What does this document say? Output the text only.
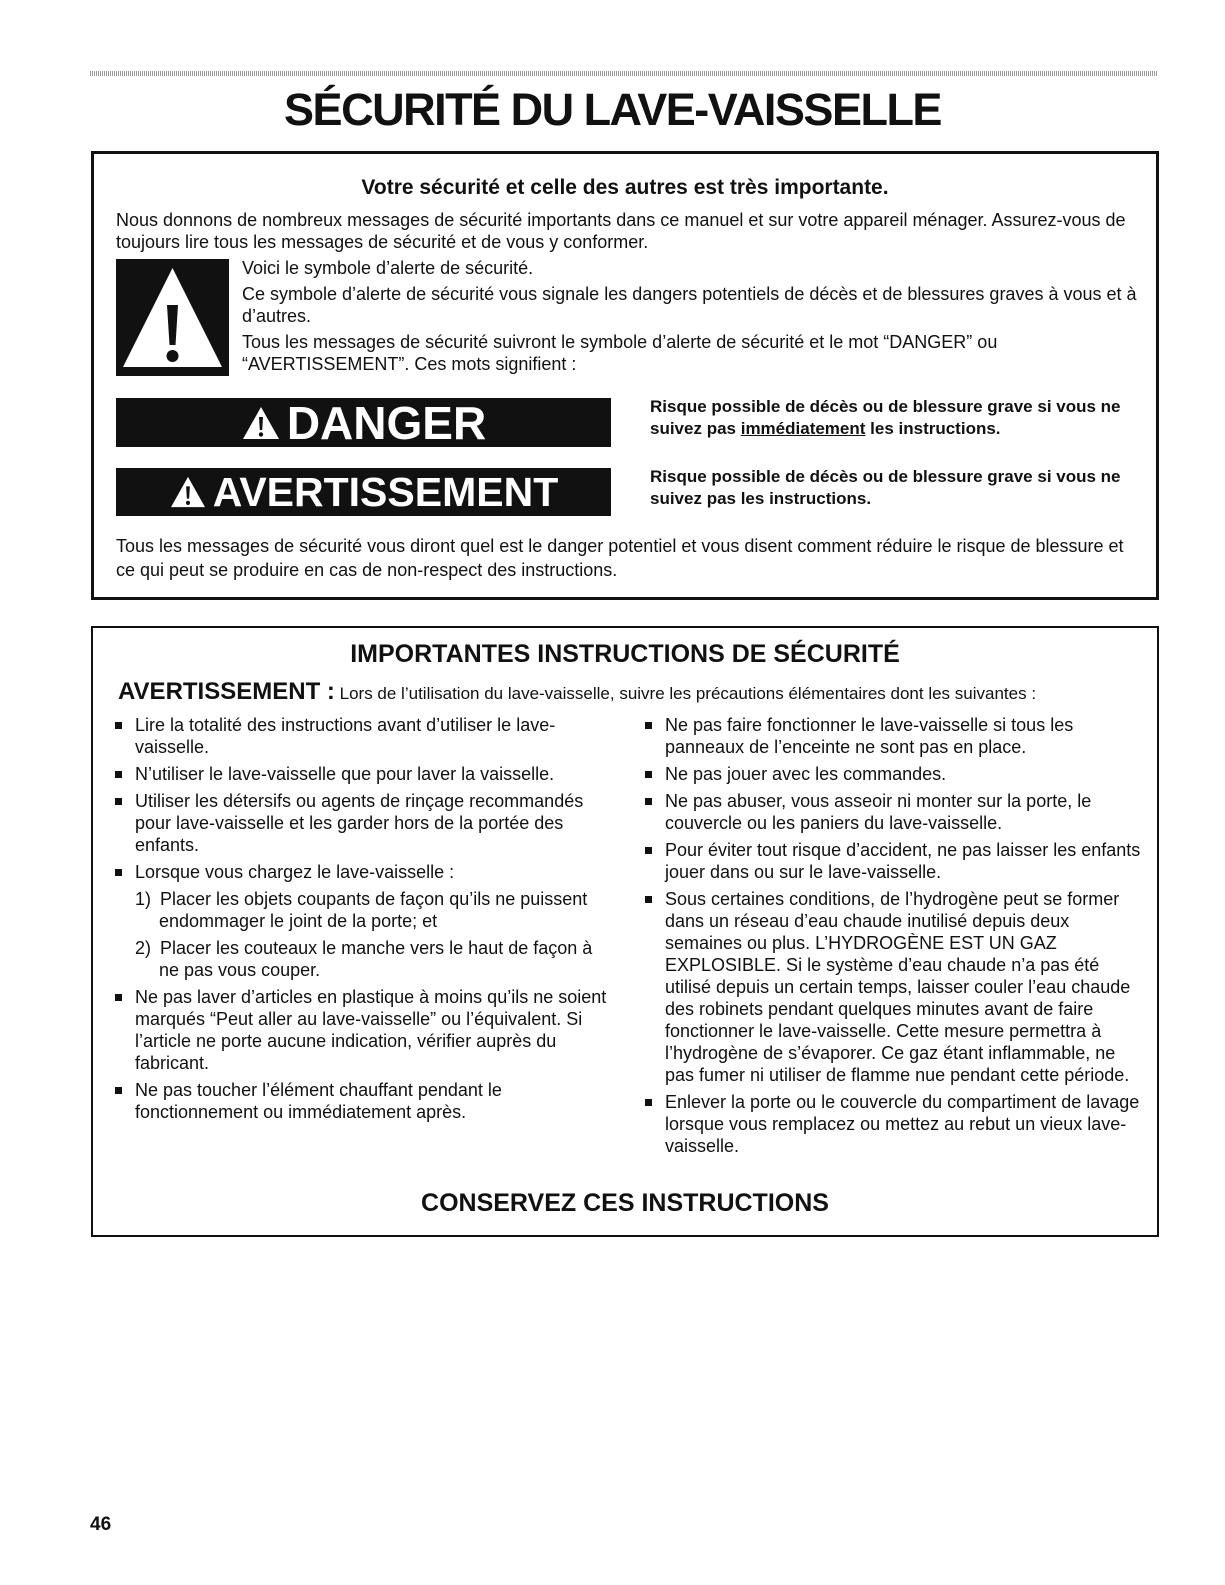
SÉCURITÉ DU LAVE-VAISSELLE
Votre sécurité et celle des autres est très importante.
Nous donnons de nombreux messages de sécurité importants dans ce manuel et sur votre appareil ménager. Assurez-vous de toujours lire tous les messages de sécurité et de vous y conformer.

Voici le symbole d’alerte de sécurité.

Ce symbole d’alerte de sécurité vous signale les dangers potentiels de décès et de blessures graves à vous et à d’autres.

Tous les messages de sécurité suivront le symbole d’alerte de sécurité et le mot “DANGER” ou “AVERTISSEMENT”. Ces mots signifient :

DANGER	Risque possible de décès ou de blessure grave si vous ne suivez pas immédiatement les instructions.
AVERTISSEMENT	Risque possible de décès ou de blessure grave si vous ne suivez pas les instructions.
Tous les messages de sécurité vous diront quel est le danger potentiel et vous disent comment réduire le risque de blessure et ce qui peut se produire en cas de non-respect des instructions.
IMPORTANTES INSTRUCTIONS DE SÉCURITÉ
AVERTISSEMENT : Lors de l’utilisation du lave-vaisselle, suivre les précautions élémentaires dont les suivantes :
Lire la totalité des instructions avant d’utiliser le lave-vaisselle.
N’utiliser le lave-vaisselle que pour laver la vaisselle.
Utiliser les détersifs ou agents de rinçage recommandés pour lave-vaisselle et les garder hors de la portée des enfants.
Lorsque vous chargez le lave-vaisselle :
1) Placer les objets coupants de façon qu’ils ne puissent endommager le joint de la porte; et
2) Placer les couteaux le manche vers le haut de façon à ne pas vous couper.
Ne pas laver d’articles en plastique à moins qu’ils ne soient marqués “Peut aller au lave-vaisselle” ou l’équivalent. Si l’article ne porte aucune indication, vérifier auprès du fabricant.
Ne pas toucher l’élément chauffant pendant le fonctionnement ou immédiatement après.
Ne pas faire fonctionner le lave-vaisselle si tous les panneaux de l’enceinte ne sont pas en place.
Ne pas jouer avec les commandes.
Ne pas abuser, vous asseoir ni monter sur la porte, le couvercle ou les paniers du lave-vaisselle.
Pour éviter tout risque d’accident, ne pas laisser les enfants jouer dans ou sur le lave-vaisselle.
Sous certaines conditions, de l’hydrogène peut se former dans un réseau d’eau chaude inutilisé depuis deux semaines ou plus. L’HYDROGÈNE EST UN GAZ EXPLOSIBLE. Si le système d’eau chaude n’a pas été utilisé depuis un certain temps, laisser couler l’eau chaude des robinets pendant quelques minutes avant de faire fonctionner le lave-vaisselle. Cette mesure permettra à l’hydrogène de s’évaporer. Ce gaz étant inflammable, ne pas fumer ni utiliser de flamme nue pendant cette période.
Enlever la porte ou le couvercle du compartiment de lavage lorsque vous remplacez ou mettez au rebut un vieux lave-vaisselle.
CONSERVEZ CES INSTRUCTIONS
46
